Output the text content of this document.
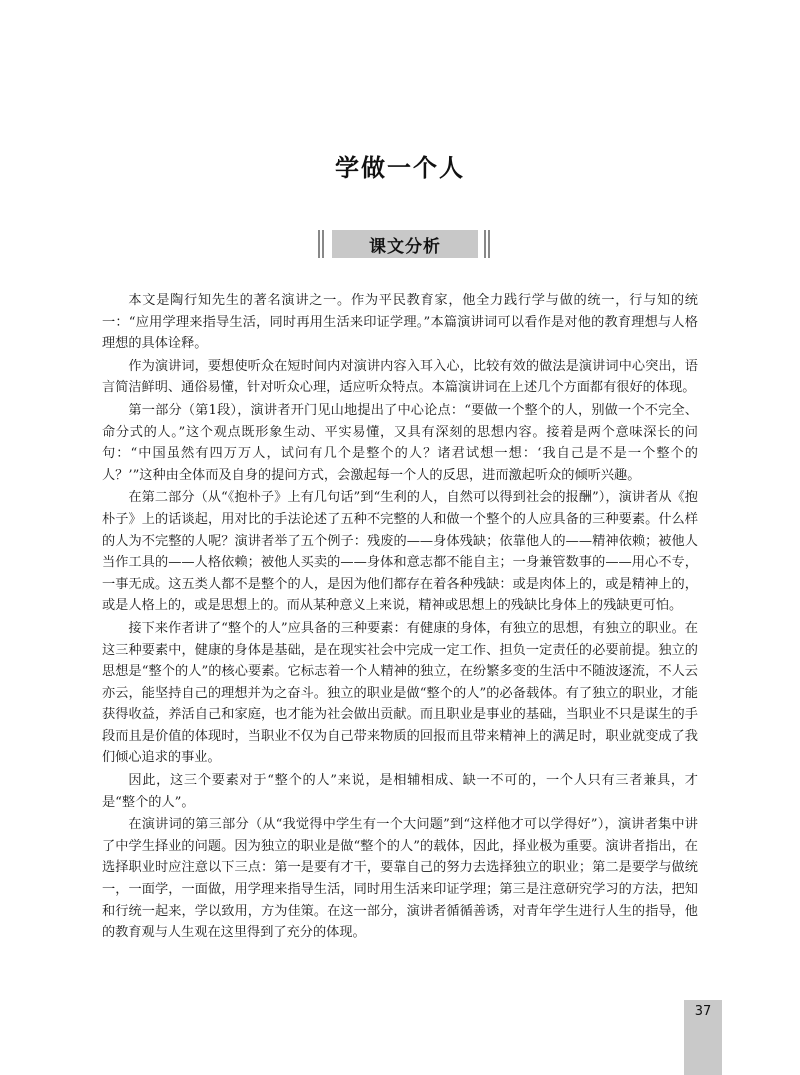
学做一个人
课文分析

本文是陶行知先生的著名演讲之一。作为平民教育家，他全力践行学与做的统一，行与知的统一：“应用学理来指导生活，同时再用生活来印证学理。”本篇演讲词可以看作是对他的教育理想与人格理想的具体诠释。

作为演讲词，要想使听众在短时间内对演讲内容入耳入心，比较有效的做法是演讲词中心突出，语言简洁鲜明、通俗易懂，针对听众心理，适应听众特点。本篇演讲词在上述几个方面都有很好的体现。

第一部分（第1段），演讲者开门见山地提出了中心论点：“要做一个整个的人，别做一个不完全、命分式的人。”这个观点既形象生动、平实易懂，又具有深刻的思想内容。接着是两个意味深长的问句：“中国虽然有四万万人，试问有几个是整个的人？诸君试想一想：‘我自己是不是一个整个的人？’”这种由全体而及自身的提问方式，会激起每一个人的反思，进而激起听众的倾听兴趣。

在第二部分（从“《抱朴子》上有几句话”到“生利的人，自然可以得到社会的报酬”），演讲者从《抱朴子》上的话谈起，用对比的手法论述了五种不完整的人和做一个整个的人应具备的三种要素。什么样的人为不完整的人呢？演讲者举了五个例子：残废的——身体残缺；依靠他人的——精神依赖；被他人当作工具的——人格依赖；被他人买卖的——身体和意志都不能自主；一身兼管数事的——用心不专，一事无成。这五类人都不是整个的人，是因为他们都存在着各种残缺：或是肉体上的，或是精神上的，或是人格上的，或是思想上的。而从某种意义上来说，精神或思想上的残缺比身体上的残缺更可怕。

接下来作者讲了“整个的人”应具备的三种要素：有健康的身体，有独立的思想，有独立的职业。在这三种要素中，健康的身体是基础，是在现实社会中完成一定工作、担负一定责任的必要前提。独立的思想是“整个的人”的核心要素。它标志着一个人精神的独立，在纷繁多变的生活中不随波逐流，不人云亦云，能坚持自己的理想并为之奋斗。独立的职业是做“整个的人”的必备载体。有了独立的职业，才能获得收益，养活自己和家庭，也才能为社会做出贡献。而且职业是事业的基础，当职业不只是谋生的手段而且是价值的体现时，当职业不仅为自己带来物质的回报而且带来精神上的满足时，职业就变成了我们倾心追求的事业。

因此，这三个要素对于“整个的人”来说，是相辅相成、缺一不可的，一个人只有三者兼具，才是“整个的人”。

在演讲词的第三部分（从“我觉得中学生有一个大问题”到“这样他才可以学得好”），演讲者集中讲了中学生择业的问题。因为独立的职业是做“整个的人”的载体，因此，择业极为重要。演讲者指出，在选择职业时应注意以下三点：第一是要有才干，要靠自己的努力去选择独立的职业；第二是要学与做统一，一面学，一面做，用学理来指导生活，同时用生活来印证学理；第三是注意研究学习的方法，把知和行统一起来，学以致用，方为佳策。在这一部分，演讲者循循善诱，对青年学生进行人生的指导，他的教育观与人生观在这里得到了充分的体现。

37
